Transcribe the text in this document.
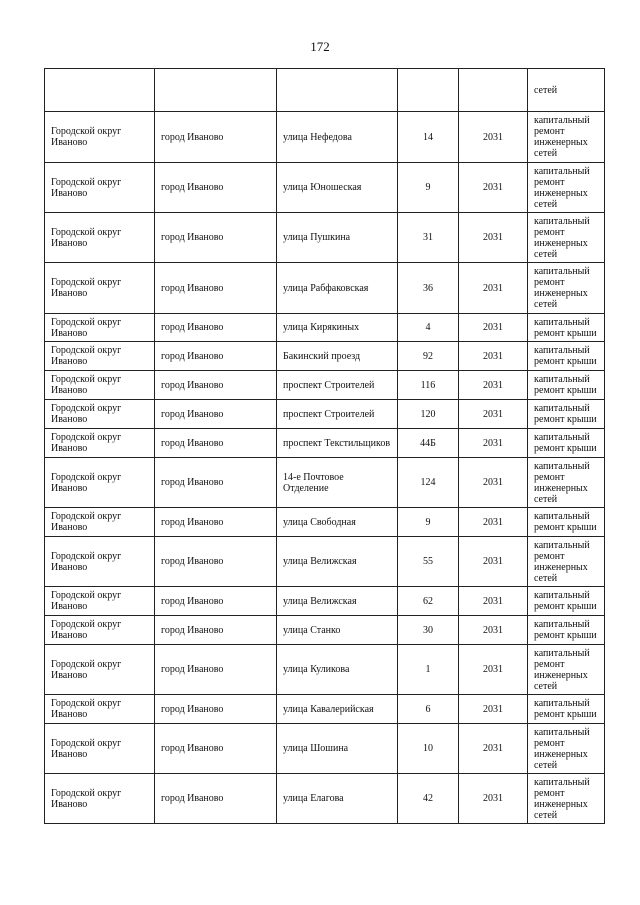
172
					сетей
Городской округ Иваново	город Иваново	улица Нефедова	14	2031	капитальный ремонт инженерных сетей
Городской округ Иваново	город Иваново	улица Юношеская	9	2031	капитальный ремонт инженерных сетей
Городской округ Иваново	город Иваново	улица Пушкина	31	2031	капитальный ремонт инженерных сетей
Городской округ Иваново	город Иваново	улица Рабфаковская	36	2031	капитальный ремонт инженерных сетей
Городской округ Иваново	город Иваново	улица Кирякиных	4	2031	капитальный ремонт крыши
Городской округ Иваново	город Иваново	Бакинский проезд	92	2031	капитальный ремонт крыши
Городской округ Иваново	город Иваново	проспект Строителей	116	2031	капитальный ремонт крыши
Городской округ Иваново	город Иваново	проспект Строителей	120	2031	капитальный ремонт крыши
Городской округ Иваново	город Иваново	проспект Текстильщиков	44Б	2031	капитальный ремонт крыши
Городской округ Иваново	город Иваново	14-е Почтовое Отделение	124	2031	капитальный ремонт инженерных сетей
Городской округ Иваново	город Иваново	улица Свободная	9	2031	капитальный ремонт крыши
Городской округ Иваново	город Иваново	улица Велижская	55	2031	капитальный ремонт инженерных сетей
Городской округ Иваново	город Иваново	улица Велижская	62	2031	капитальный ремонт крыши
Городской округ Иваново	город Иваново	улица Станко	30	2031	капитальный ремонт крыши
Городской округ Иваново	город Иваново	улица Куликова	1	2031	капитальный ремонт инженерных сетей
Городской округ Иваново	город Иваново	улица Кавалерийская	6	2031	капитальный ремонт крыши
Городской округ Иваново	город Иваново	улица Шошина	10	2031	капитальный ремонт инженерных сетей
Городской округ Иваново	город Иваново	улица Елагова	42	2031	капитальный ремонт инженерных сетей
